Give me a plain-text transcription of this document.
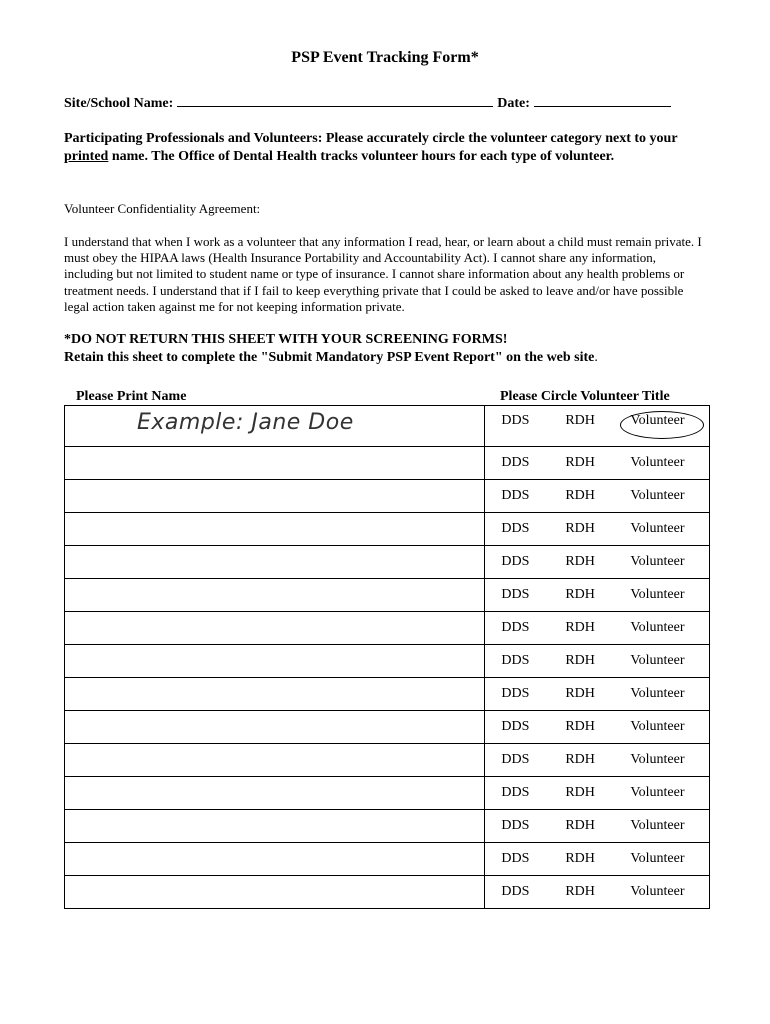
PSP Event Tracking Form*
Site/School Name:	Date:
Participating Professionals and Volunteers: Please accurately circle the volunteer category next to your printed name. The Office of Dental Health tracks volunteer hours for each type of volunteer.
Volunteer Confidentiality Agreement:
I understand that when I work as a volunteer that any information I read, hear, or learn about a child must remain private. I must obey the HIPAA laws (Health Insurance Portability and Accountability Act). I cannot share any information, including but not limited to student name or type of insurance. I cannot share information about any health problems or treatment needs. I understand that if I fail to keep everything private that I could be asked to leave and/or have possible legal action taken against me for not keeping information private.
*DO NOT RETURN THIS SHEET WITH YOUR SCREENING FORMS!
Retain this sheet to complete the "Submit Mandatory PSP Event Report" on the web site.
Please Print Name	Please Circle Volunteer Title
Example: Jane Doe	DDS RDH Volunteer

	DDS RDH Volunteer

	DDS RDH Volunteer

	DDS RDH Volunteer

	DDS RDH Volunteer

	DDS RDH Volunteer

	DDS RDH Volunteer

	DDS RDH Volunteer

	DDS RDH Volunteer

	DDS RDH Volunteer

	DDS RDH Volunteer

	DDS RDH Volunteer

	DDS RDH Volunteer

	DDS RDH Volunteer

	DDS RDH Volunteer
